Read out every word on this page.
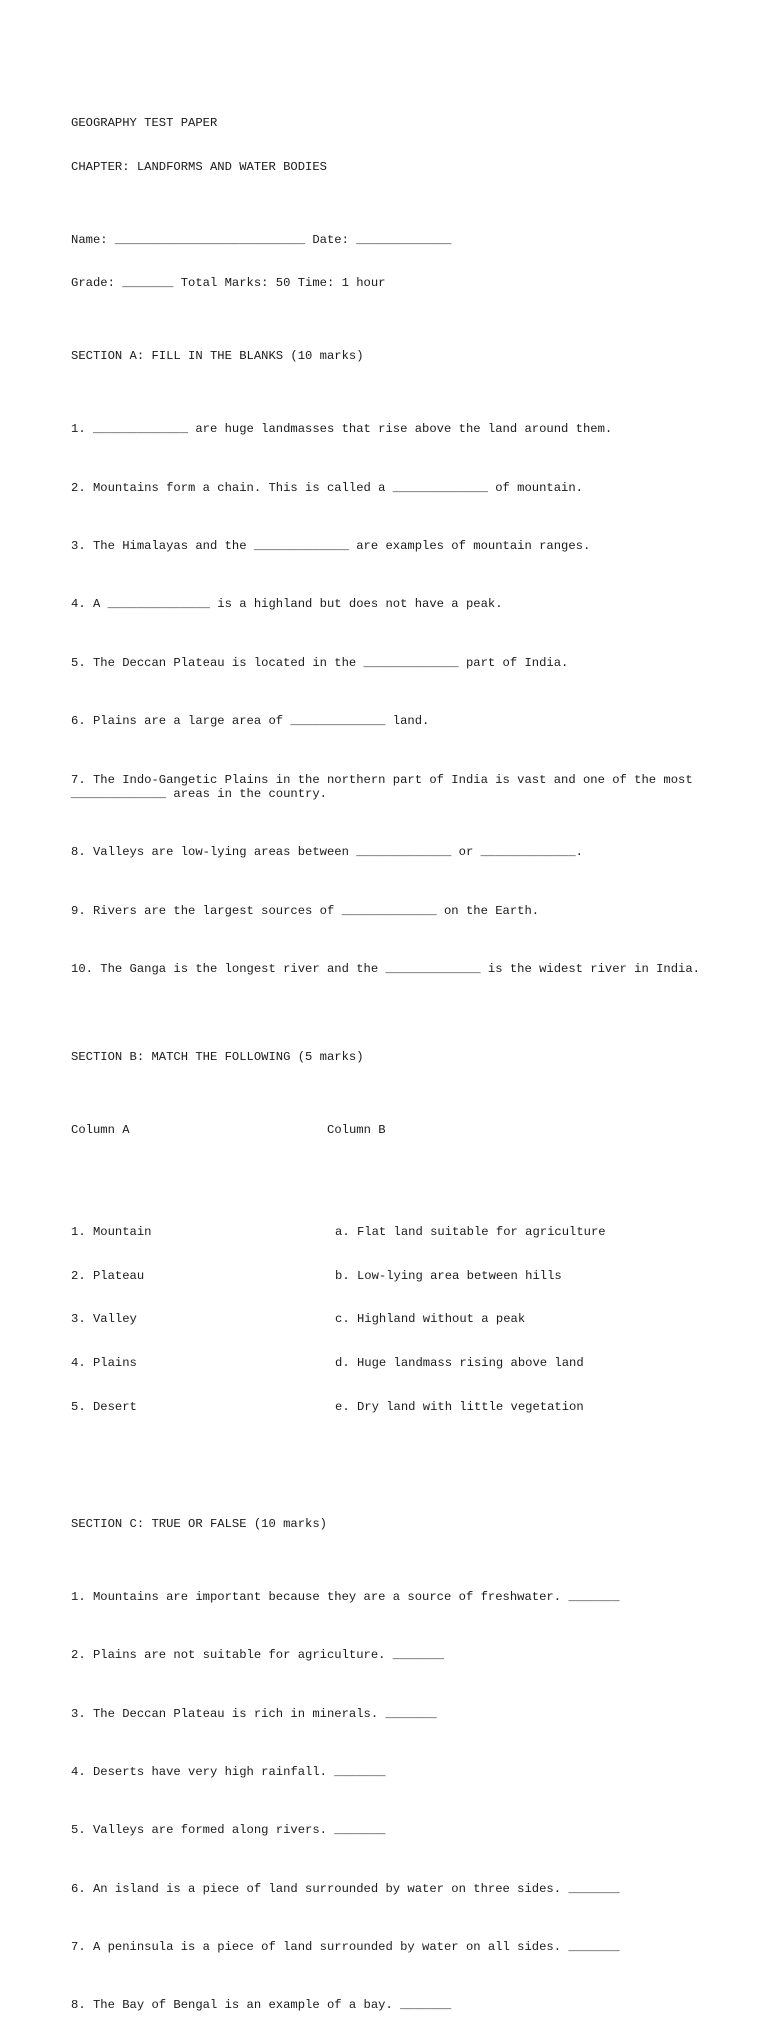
GEOGRAPHY TEST PAPER

CHAPTER: LANDFORMS AND WATER BODIES

Name: __________________________ Date: _____________

Grade: _______ Total Marks: 50 Time: 1 hour

SECTION A: FILL IN THE BLANKS (10 marks)

1. _____________ are huge landmasses that rise above the land around them.

2. Mountains form a chain. This is called a _____________ of mountain.

3. The Himalayas and the _____________ are examples of mountain ranges.

4. A ______________ is a highland but does not have a peak.

5. The Deccan Plateau is located in the _____________ part of India.

6. Plains are a large area of _____________ land.

7. The Indo-Gangetic Plains in the northern part of India is vast and one of the most _____________ areas in the country.

8. Valleys are low-lying areas between _____________ or _____________.

9. Rivers are the largest sources of _____________ on the Earth.

10. The Ganga is the longest river and the _____________ is the widest river in India.

SECTION B: MATCH THE FOLLOWING (5 marks)

Column A	Column B

1. Mountain	a. Flat land suitable for agriculture

2. Plateau	b. Low-lying area between hills

3. Valley	c. Highland without a peak

4. Plains	d. Huge landmass rising above land

5. Desert	e. Dry land with little vegetation

SECTION C: TRUE OR FALSE (10 marks)

1. Mountains are important because they are a source of freshwater. _______

2. Plains are not suitable for agriculture. _______

3. The Deccan Plateau is rich in minerals. _______

4. Deserts have very high rainfall. _______

5. Valleys are formed along rivers. _______

6. An island is a piece of land surrounded by water on three sides. _______

7. A peninsula is a piece of land surrounded by water on all sides. _______

8. The Bay of Bengal is an example of a bay. _______
